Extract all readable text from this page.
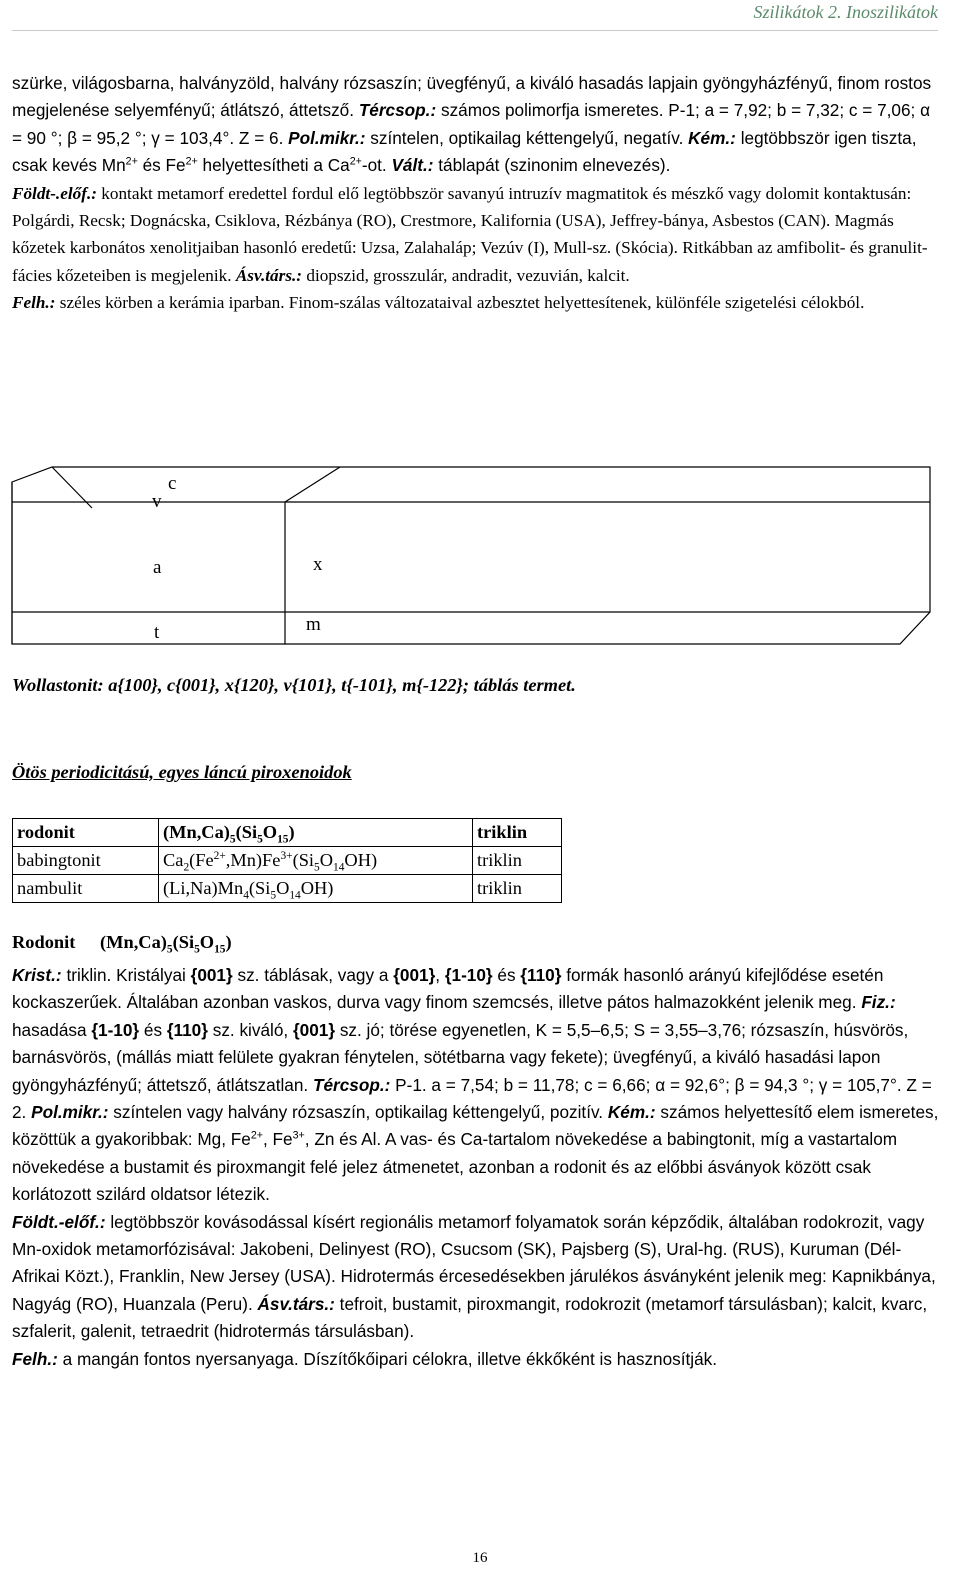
Szilikátok 2. Inoszilikátok
szürke, világosbarna, halványzöld, halvány rózsaszín; üvegfényű, a kiváló hasadás lapjain gyöngyházfényű, finom rostos megjelenése selyemfényű; átlátszó, áttetsző. Tércsop.: számos polimorfja ismeretes. P-1; a = 7,92; b = 7,32; c = 7,06; α = 90 °; β = 95,2 °; γ = 103,4°. Z = 6. Pol.mikr.: színtelen, optikailag kéttengelyű, negatív. Kém.: legtöbbször igen tiszta, csak kevés $Mn^{2+}$ és $Fe^{2+}$ helyettesítheti a $Ca^{2+}-ot$. Vált.: táblapát (szinonim elnevezés).
Földt-.előf.: kontakt metamorf eredettel fordul elő legtöbbször savanyú intruzív magmatitok és mészkő vagy dolomit kontaktusán: Polgárdi, Recsk; Dognácska, Csiklova, Rézbánya (RO), Crestmore, Kalifornia (USA), Jeffrey-bánya, Asbestos (CAN). Magmás kőzetek karbonátos xenolitjaiban hasonló eredetű: Uzsa, Zalahaláp; Vezúv (I), Mull-sz. (Skócia). Ritkábban az amfibolit- és granulit-fácies kőzeteiben is megjelenik. Ásv.társ.: diopszid, grosszulár, andradit, vezuvián, kalcit.
Felh.: széles körben a kerámia iparban. Finom-szálas változataival azbesztet helyettesítenek, különféle szigetelési célokból.
c
v
a	x
t	m
Wollastonit: a{100}, c{001}, x{120}, v{101}, t{-101}, m{-122}; táblás termet.
Ötös periodicitású, egyes láncú piroxenoidok
rodonit	$(Mn,Ca)_5(Si_5O_{15})$	triklin
babingtonit	$Ca_2(Fe^{2+},Mn)Fe^{3+}(Si_5O_{14}OH)$	triklin
nambulit	$(Li,Na)Mn_4(Si_5O_{14}OH)$	triklin
Rodonit $(Mn,Ca)_5(Si_5O_{15})$
Krist.: triklin. Kristályai {001} sz. táblásak, vagy a {001}, {1-10} és {110} formák hasonló arányú kifejlődése esetén kockaszerűek. Általában azonban vaskos, durva vagy finom szemcsés, illetve pátos halmazokként jelenik meg. Fiz.: hasadása {1-10} és {110} sz. kiváló, {001} sz. jó; törése egyenetlen, K = 5,5–6,5; S = 3,55–3,76; rózsaszín, húsvörös, barnásvörös, (mállás miatt felülete gyakran fénytelen, sötétbarna vagy fekete); üvegfényű, a kiváló hasadási lapon gyöngyházfényű; áttetsző, átlátszatlan. Tércsop.: P-1. a = 7,54; b = 11,78; c = 6,66; α = 92,6°; β = 94,3 °; γ = 105,7°. Z = 2. Pol.mikr.: színtelen vagy halvány rózsaszín, optikailag kéttengelyű, pozitív. Kém.: számos helyettesítő elem ismeretes, közöttük a gyakoribbak: Mg, $Fe^{2+}$, $Fe^{3+}$, Zn és Al. A vas- és Ca-tartalom növekedése a babingtonit, míg a vastartalom növekedése a bustamit és piroxmangit felé jelez átmenetet, azonban a rodonit és az előbbi ásványok között csak korlátozott szilárd oldatsor létezik.
Földt.-előf.: legtöbbször kovásodással kísért regionális metamorf folyamatok során képződik, általában rodokrozit, vagy Mn-oxidok metamorfózisával: Jakobeni, Delinyest (RO), Csucsom (SK), Pajsberg (S), Ural-hg. (RUS), Kuruman (Dél-Afrikai Közt.), Franklin, New Jersey (USA). Hidrotermás ércesedésekben járulékos ásványként jelenik meg: Kapnikbánya, Nagyág (RO), Huanzala (Peru). Ásv.társ.: tefroit, bustamit, piroxmangit, rodokrozit (metamorf társulásban); kalcit, kvarc, szfalerit, galenit, tetraedrit (hidrotermás társulásban).
Felh.: a mangán fontos nyersanyaga. Díszítőkőipari célokra, illetve ékkőként is hasznosítják.
16
